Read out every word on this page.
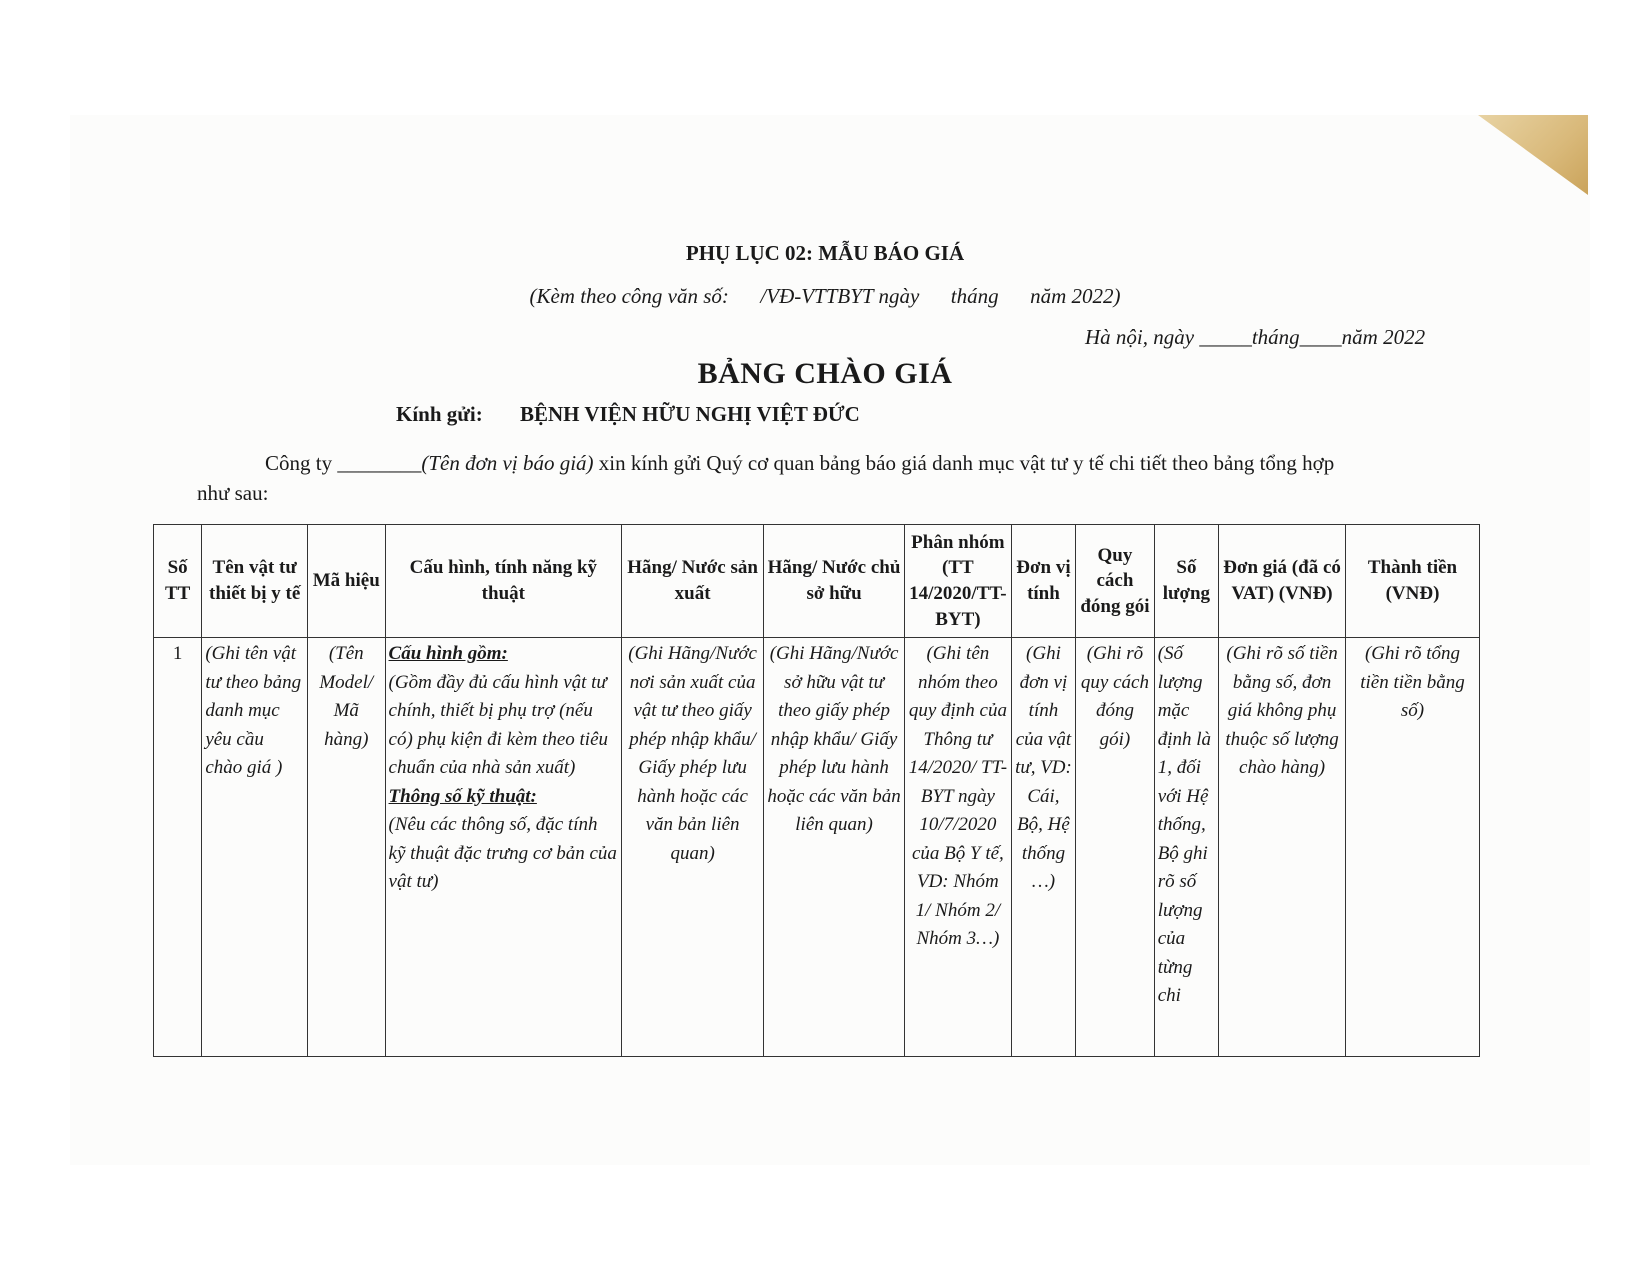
PHỤ LỤC 02: MẪU BÁO GIÁ
(Kèm theo công văn số:      /VĐ-VTTBYT ngày      tháng      năm 2022)
Hà nội, ngày _____tháng____năm 2022
BẢNG CHÀO GIÁ
Kính gửi: BỆNH VIỆN HỮU NGHỊ VIỆT ĐỨC
Công ty ________(Tên đơn vị báo giá) xin kính gửi Quý cơ quan bảng báo giá danh mục vật tư y tế chi tiết theo bảng tổng hợp
như sau:
Số TT	Tên vật tư thiết bị y tế	Mã hiệu	Cấu hình, tính năng kỹ thuật	Hãng/ Nước sản xuất	Hãng/ Nước chủ sở hữu	Phân nhóm (TT 14/2020/TT-BYT)	Đơn vị tính	Quy cách đóng gói	Số lượng	Đơn giá (đã có VAT) (VNĐ)	Thành tiền (VNĐ)
1	(Ghi tên vật tư theo bảng danh mục yêu cầu chào giá )	(Tên Model/ Mã hàng)	Cấu hình gồm:
(Gồm đầy đủ cấu hình vật tư chính, thiết bị phụ trợ (nếu có) phụ kiện đi kèm theo tiêu chuẩn của nhà sản xuất)
Thông số kỹ thuật:
(Nêu các thông số, đặc tính kỹ thuật đặc trưng cơ bản của vật tư)	(Ghi Hãng/Nước nơi sản xuất của vật tư theo giấy phép nhập khẩu/ Giấy phép lưu hành hoặc các văn bản liên quan)	(Ghi Hãng/Nước sở hữu vật tư theo giấy phép nhập khẩu/ Giấy phép lưu hành hoặc các văn bản liên quan)	(Ghi tên nhóm theo quy định của Thông tư 14/2020/ TT-BYT ngày 10/7/2020 của Bộ Y tế, VD: Nhóm 1/ Nhóm 2/ Nhóm 3…)	(Ghi đơn vị tính của vật tư, VD: Cái, Bộ, Hệ thống …)	(Ghi rõ quy cách đóng gói)	(Số lượng mặc định là 1, đối với Hệ thống, Bộ ghi rõ số lượng của từng chi	(Ghi rõ số tiền bằng số, đơn giá không phụ thuộc số lượng chào hàng)	(Ghi rõ tổng tiền tiền bằng số)
